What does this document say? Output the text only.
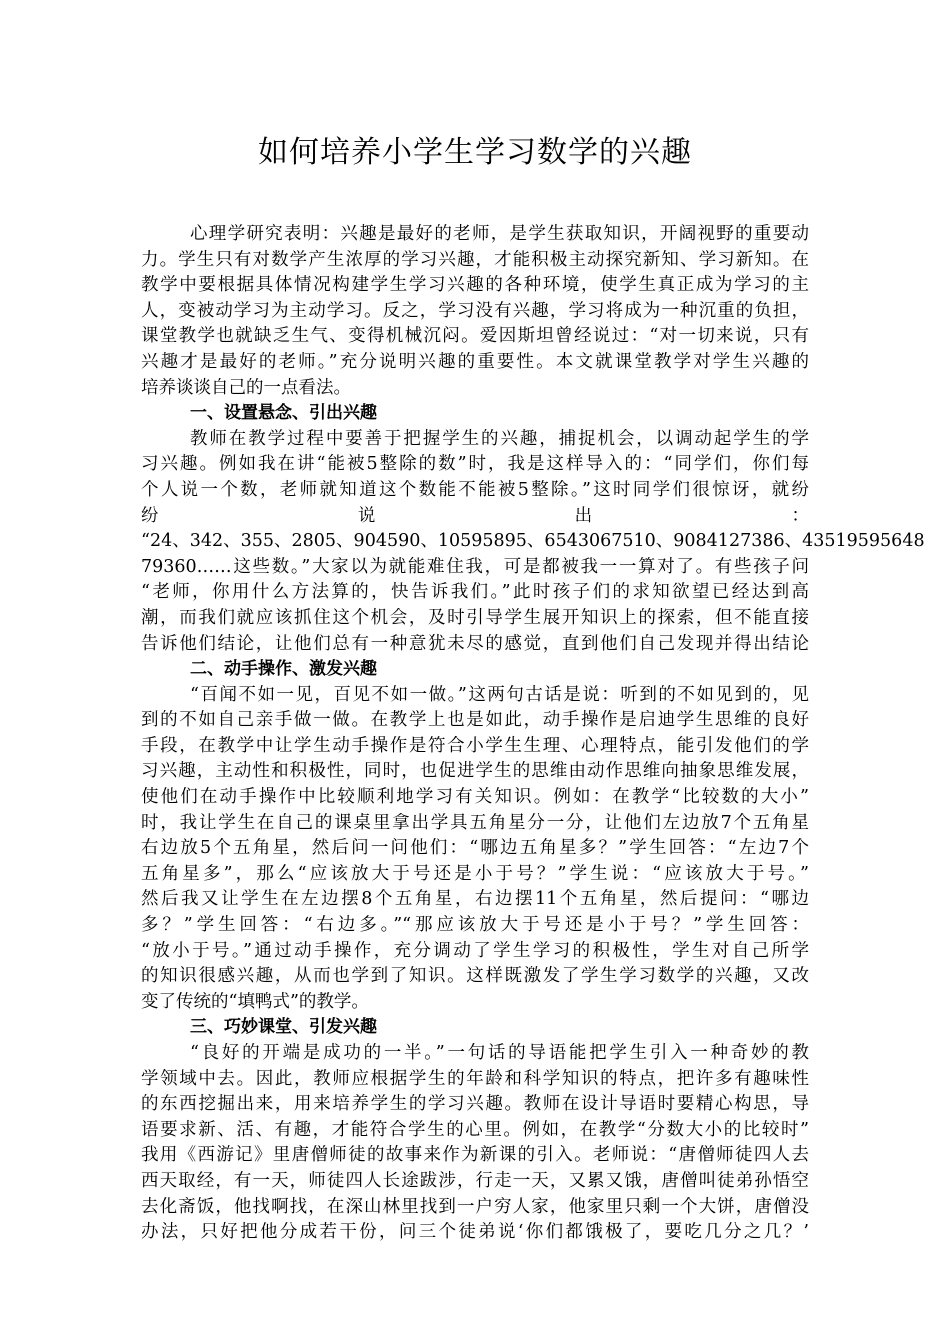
如何培养小学生学习数学的兴趣
心理学研究表明：兴趣是最好的老师，是学生获取知识，开阔视野的重要动
力。学生只有对数学产生浓厚的学习兴趣，才能积极主动探究新知、学习新知。在
教学中要根据具体情况构建学生学习兴趣的各种环境，使学生真正成为学习的主
人，变被动学习为主动学习。反之，学习没有兴趣，学习将成为一种沉重的负担，
课堂教学也就缺乏生气、变得机械沉闷。爱因斯坦曾经说过：“对一切来说，只有
兴趣才是最好的老师。”充分说明兴趣的重要性。本文就课堂教学对学生兴趣的
培养谈谈自己的一点看法。
一、设置悬念、引出兴趣
教师在教学过程中要善于把握学生的兴趣，捕捉机会，以调动起学生的学
习兴趣。例如我在讲“能被5整除的数”时，我是这样导入的：“同学们，你们每
个人说一个数，老师就知道这个数能不能被5整除。”这时同学们很惊讶，就纷
纷　　　　　　　　　　　说　　　　　　　　　　　出　　　　　　　　　　　：
“24、342、355、2805、904590、10595895、6543067510、9084127386、43519595648
79360……这些数。”大家以为就能难住我，可是都被我一一算对了。有些孩子问
“老师，你用什么方法算的，快告诉我们。”此时孩子们的求知欲望已经达到高
潮，而我们就应该抓住这个机会，及时引导学生展开知识上的探索，但不能直接
告诉他们结论，让他们总有一种意犹未尽的感觉，直到他们自己发现并得出结论
二、动手操作、激发兴趣
“百闻不如一见，百见不如一做。”这两句古话是说：听到的不如见到的，见
到的不如自己亲手做一做。在教学上也是如此，动手操作是启迪学生思维的良好
手段，在教学中让学生动手操作是符合小学生生理、心理特点，能引发他们的学
习兴趣，主动性和积极性，同时，也促进学生的思维由动作思维向抽象思维发展，
使他们在动手操作中比较顺利地学习有关知识。例如：在教学“比较数的大小”
时，我让学生在自己的课桌里拿出学具五角星分一分，让他们左边放7个五角星
右边放5个五角星，然后问一问他们：“哪边五角星多？”学生回答：“左边7个
五角星多”，那么“应该放大于号还是小于号？”学生说：“应该放大于号。”
然后我又让学生在左边摆8个五角星，右边摆11个五角星，然后提问：“哪边
多？”学生回答：“右边多。”“那应该放大于号还是小于号？”学生回答：
“放小于号。”通过动手操作，充分调动了学生学习的积极性，学生对自己所学
的知识很感兴趣，从而也学到了知识。这样既激发了学生学习数学的兴趣，又改
变了传统的“填鸭式”的教学。
三、巧妙课堂、引发兴趣
“良好的开端是成功的一半。”一句话的导语能把学生引入一种奇妙的教
学领域中去。因此，教师应根据学生的年龄和科学知识的特点，把许多有趣味性
的东西挖掘出来，用来培养学生的学习兴趣。教师在设计导语时要精心构思，导
语要求新、活、有趣，才能符合学生的心里。例如，在教学“分数大小的比较时”
我用《西游记》里唐僧师徒的故事来作为新课的引入。老师说：“唐僧师徒四人去
西天取经，有一天，师徒四人长途跋涉，行走一天，又累又饿，唐僧叫徒弟孙悟空
去化斋饭，他找啊找，在深山林里找到一户穷人家，他家里只剩一个大饼，唐僧没
办法，只好把他分成若干份，问三个徒弟说‘你们都饿极了，要吃几分之几？’
